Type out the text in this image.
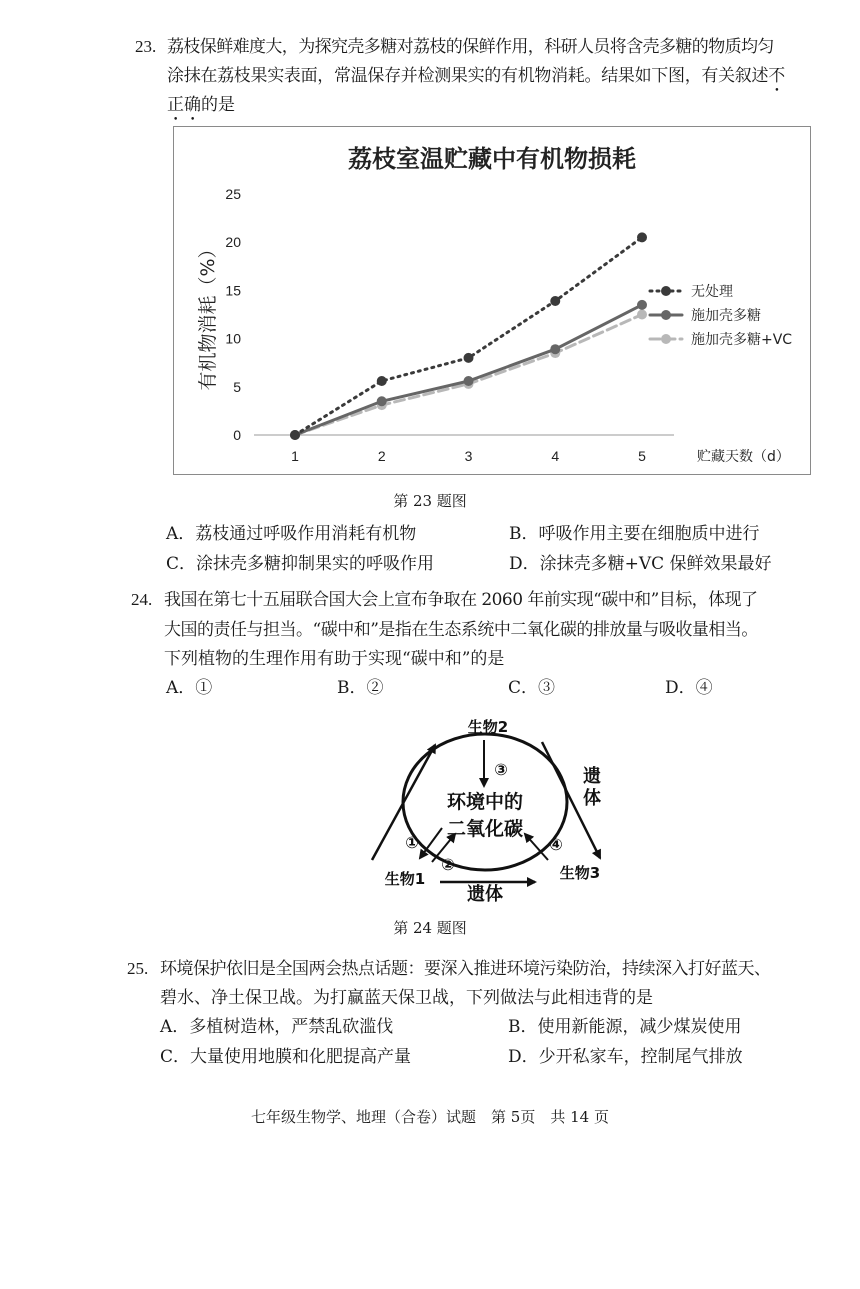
23. 荔枝保鲜难度大，为探究壳多糖对荔枝的保鲜作用，科研人员将含壳多糖的物质均匀
涂抹在荔枝果实表面，常温保存并检测果实的有机物消耗。结果如下图，有关叙述不
正确的是
荔枝室温贮藏中有机物损耗
0
5
10
15
20
25
1	2	3	4	5	贮藏天数（d）
有机物消耗（%）	无处理
施加壳多糖
施加壳多糖+VC
第 23 题图
A．荔枝通过呼吸作用消耗有机物	B．呼吸作用主要在细胞质中进行
C．涂抹壳多糖抑制果实的呼吸作用	D．涂抹壳多糖+VC 保鲜效果最好
24. 我国在第七十五届联合国大会上宣布争取在 2060 年前实现“碳中和”目标，体现了
大国的责任与担当。“碳中和”是指在生态系统中二氧化碳的排放量与吸收量相当。
下列植物的生理作用有助于实现“碳中和”的是
A．①	B．②	C．③	D．④
环境中的
二氧化碳
生物2
生物1	生物3
遗
体
遗体
③
①
②
④
第 24 题图
25. 环境保护依旧是全国两会热点话题：要深入推进环境污染防治，持续深入打好蓝天、
碧水、净土保卫战。为打赢蓝天保卫战，下列做法与此相违背的是
A．多植树造林，严禁乱砍滥伐	B．使用新能源，减少煤炭使用
C．大量使用地膜和化肥提高产量	D．少开私家车，控制尾气排放
七年级生物学、地理（合卷）试题　第 5页　共 14 页
